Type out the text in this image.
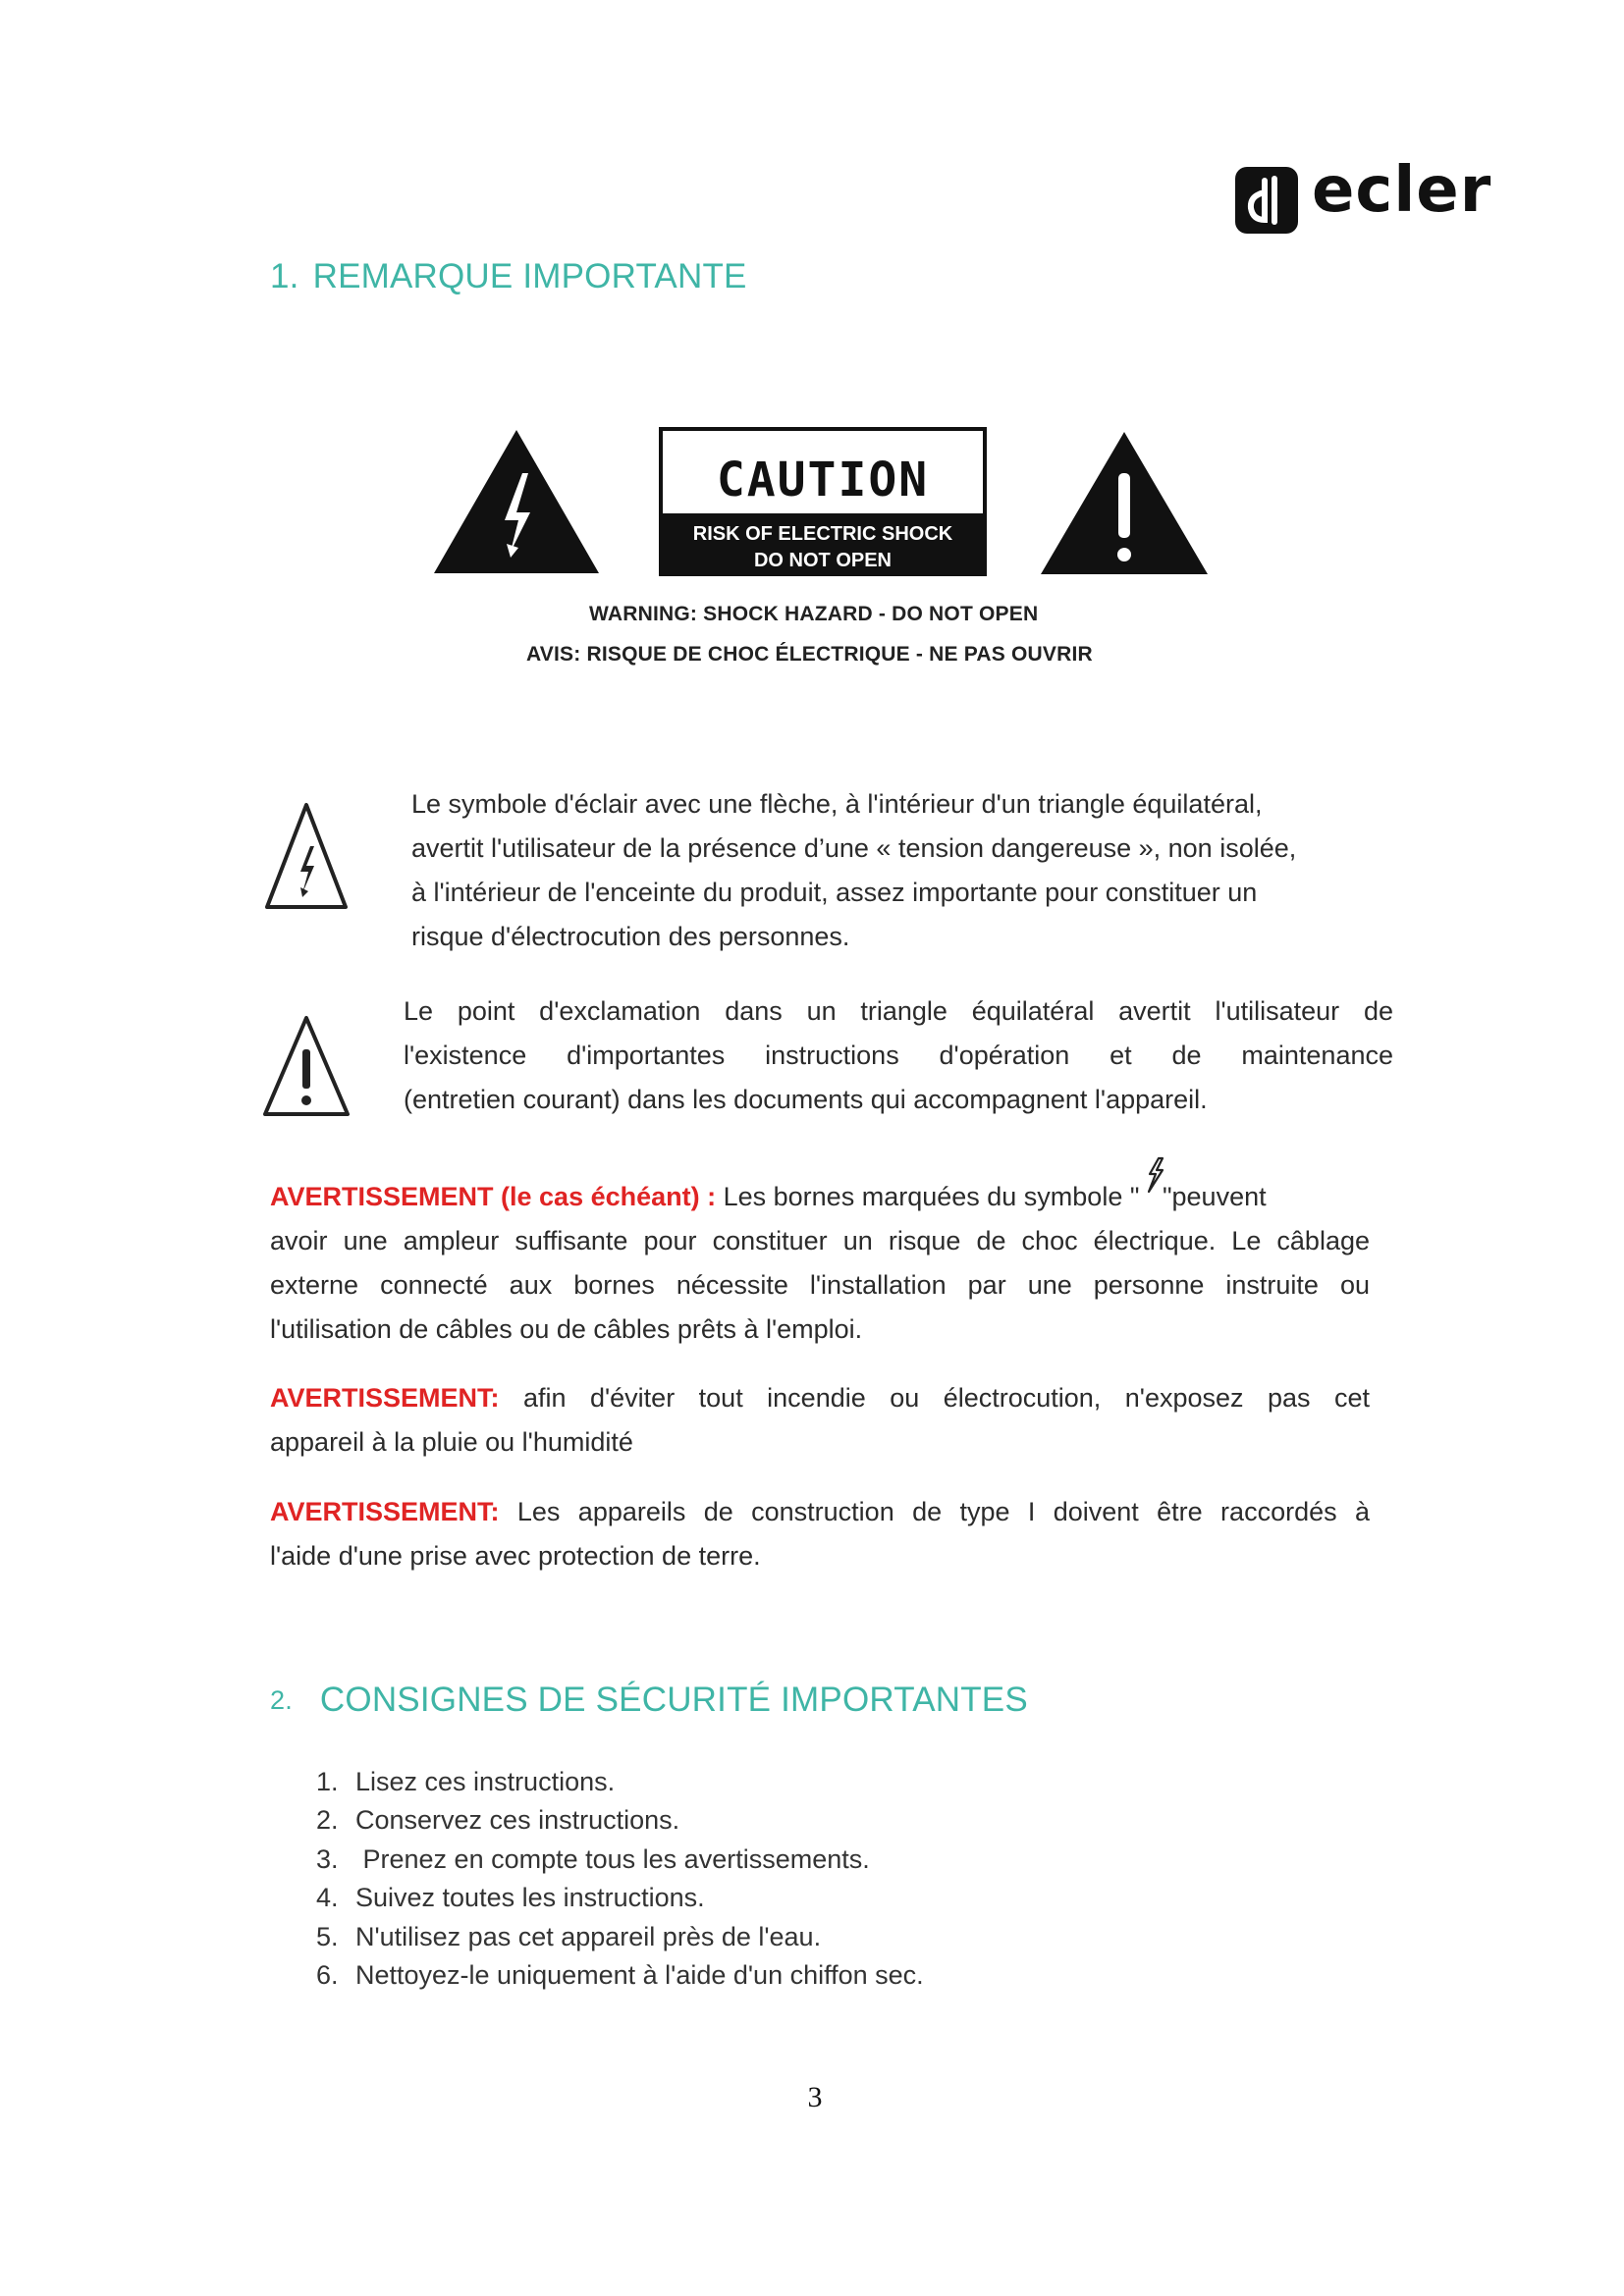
ecler
1. REMARQUE IMPORTANTE
CAUTION
RISK OF ELECTRIC SHOCK
DO NOT OPEN
WARNING: SHOCK HAZARD - DO NOT OPEN
AVIS: RISQUE DE CHOC ÉLECTRIQUE - NE PAS OUVRIR
Le symbole d'éclair avec une flèche, à l'intérieur d'un triangle équilatéral,
avertit l'utilisateur de la présence d’une « tension dangereuse », non isolée,
à l'intérieur de l'enceinte du produit, assez importante pour constituer un
risque d'électrocution des personnes.
Le point d'exclamation dans un triangle équilatéral avertit l'utilisateur de
l'existence d'importantes instructions d'opération et de maintenance
(entretien courant) dans les documents qui accompagnent l'appareil.
AVERTISSEMENT (le cas échéant) : Les bornes marquées du symbole " "peuvent
avoir une ampleur suffisante pour constituer un risque de choc électrique. Le câblage
externe connecté aux bornes nécessite l'installation par une personne instruite ou
l'utilisation de câbles ou de câbles prêts à l'emploi.
AVERTISSEMENT: afin d'éviter tout incendie ou électrocution, n'exposez pas cet
appareil à la pluie ou l'humidité
AVERTISSEMENT: Les appareils de construction de type I doivent être raccordés à
l'aide d'une prise avec protection de terre.
2. CONSIGNES DE SÉCURITÉ IMPORTANTES
1. Lisez ces instructions.
2. Conservez ces instructions.
3. Prenez en compte tous les avertissements.
4. Suivez toutes les instructions.
5. N'utilisez pas cet appareil près de l'eau.
6. Nettoyez-le uniquement à l'aide d'un chiffon sec.
3
